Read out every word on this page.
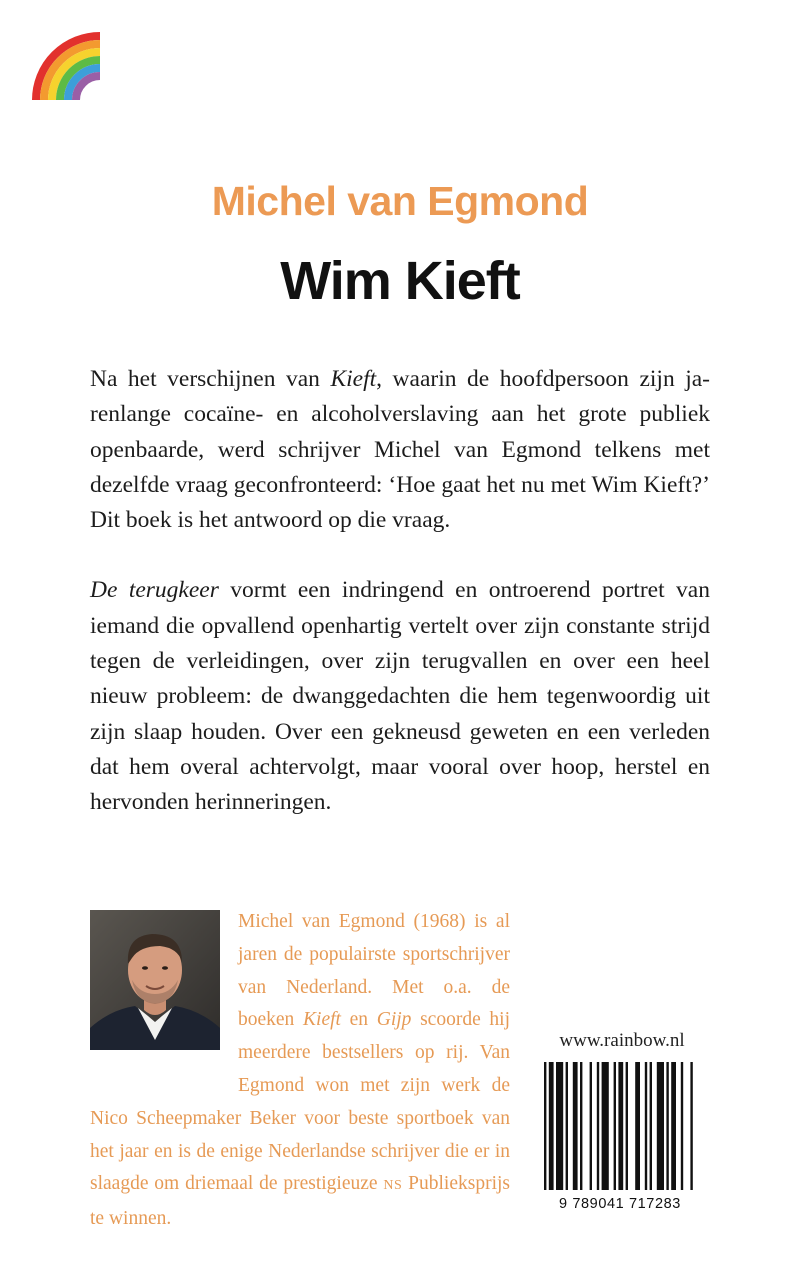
Michel van Egmond
Wim Kieft

Na het verschijnen van Kieft, waarin de hoofdpersoon zijn jarenlange cocaïne- en alcoholverslaving aan het grote publiek openbaarde, werd schrijver Michel van Egmond telkens met dezelfde vraag geconfronteerd: ‘Hoe gaat het nu met Wim Kieft?’ Dit boek is het antwoord op die vraag.

De terugkeer vormt een indringend en ontroerend portret van iemand die opvallend openhartig vertelt over zijn constante strijd tegen de verleidingen, over zijn terugvallen en over een heel nieuw probleem: de dwanggedachten die hem tegenwoordig uit zijn slaap houden. Over een gekneusd geweten en een verleden dat hem overal achtervolgt, maar vooral over hoop, herstel en hervonden herinneringen.

Michel van Egmond (1968) is al jaren de populairste sportschrijver van Nederland. Met o.a. de boeken Kieft en Gijp scoorde hij meerdere bestsellers op rij. Van Egmond won met zijn werk de Nico Scheepmaker Beker voor beste sportboek van het jaar en is de enige Nederlandse schrijver die er in slaagde om driemaal de prestigieuze NS Publieksprijs te winnen.
www.rainbow.nl
9 789041 717283
